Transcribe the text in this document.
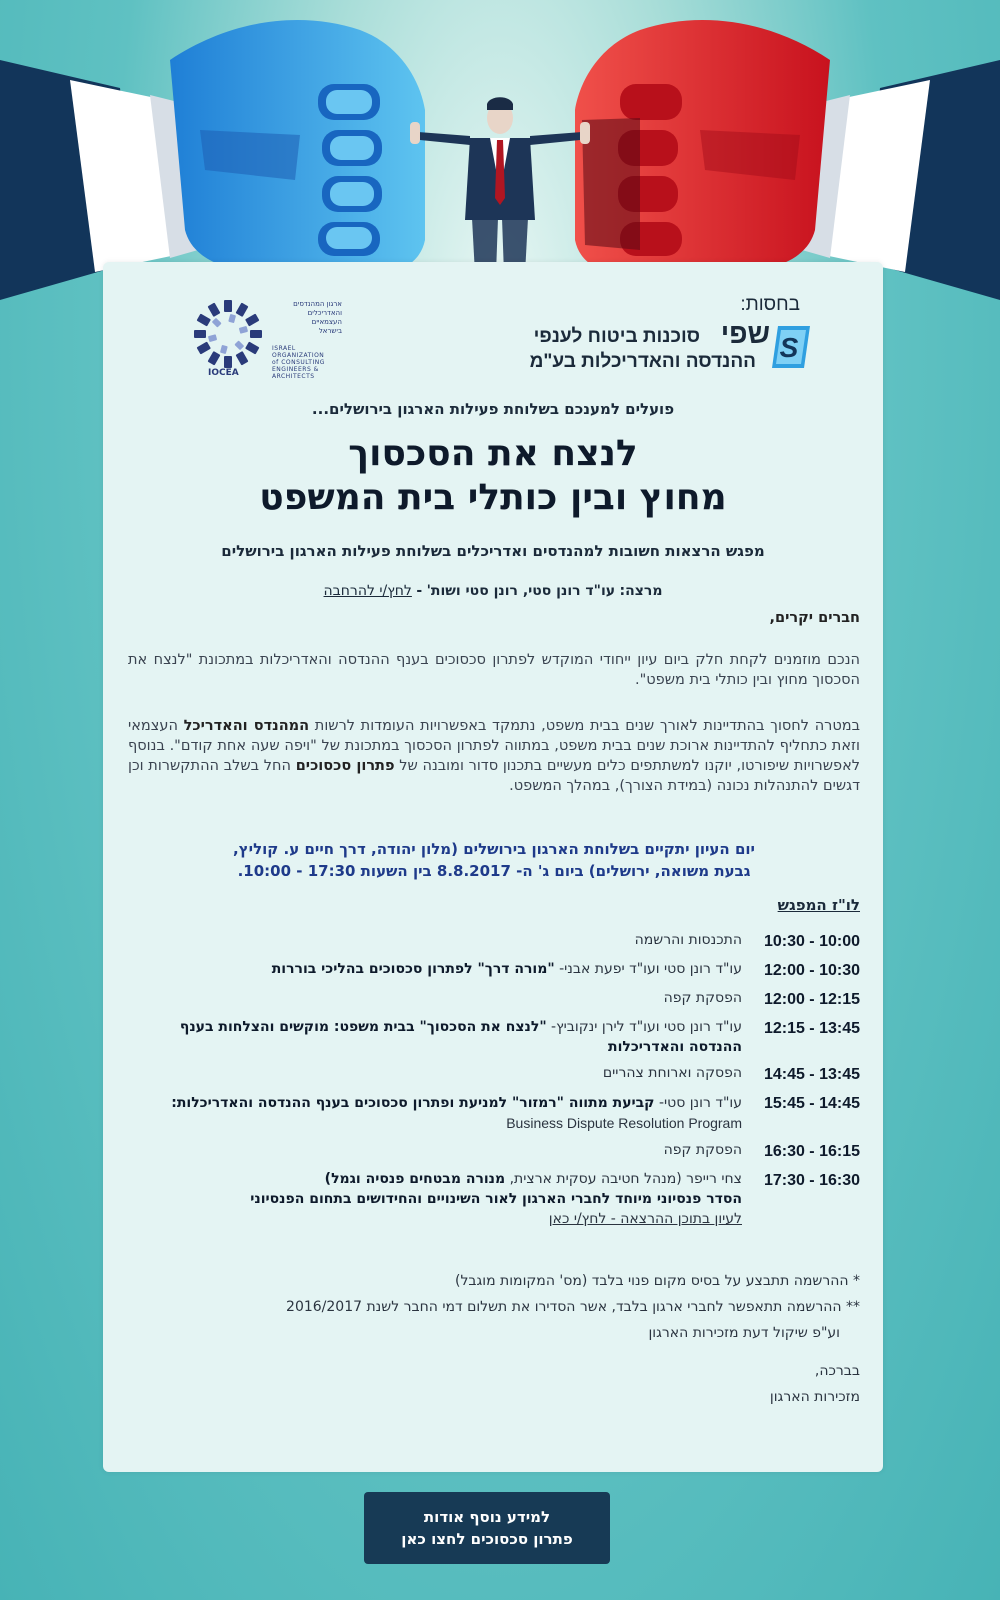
בחסות:
S
שפי
סוכנות ביטוח לענפי
ההנדסה והאדריכלות בע"מ
IOCEA
ארגון המהנדסים
והאדריכלים
העצמאיים
בישראל
ISRAEL
ORGANIZATION
of CONSULTING
ENGINEERS & ARCHITECTS
פועלים למענכם בשלוחת פעילות הארגון בירושלים...
לנצח את הסכסוך
מחוץ ובין כותלי בית המשפט
מפגש הרצאות חשובות למהנדסים ואדריכלים בשלוחת פעילות הארגון בירושלים
מרצה: עו"ד רונן סטי, רונן סטי ושות' - לחץ/י להרחבה
חברים יקרים,
הנכם מוזמנים לקחת חלק ביום עיון ייחודי המוקדש לפתרון סכסוכים בענף ההנדסה והאדריכלות במתכונת "לנצח את הסכסוך מחוץ ובין כותלי בית משפט".
במטרה לחסוך בהתדיינות לאורך שנים בבית משפט, נתמקד באפשרויות העומדות לרשות המהנדס והאדריכל העצמאי וזאת כתחליף להתדיינות ארוכת שנים בבית משפט, במתווה לפתרון הסכסוך במתכונת של "ויפה שעה אחת קודם". בנוסף לאפשרויות שיפורטו, יוקנו למשתתפים כלים מעשיים בתכנון סדור ומובנה של פתרון סכסוכים החל בשלב ההתקשרות וכן דגשים להתנהלות נכונה (במידת הצורך), במהלך המשפט.
יום העיון יתקיים בשלוחת הארגון בירושלים (מלון יהודה, דרך חיים ע. קוליץ,
גבעת משואה, ירושלים) ביום ג' ה- 8.8.2017 בין השעות 17:30 - 10:00.
לו"ז המפגש
10:00 - 10:30
התכנסות והרשמה
10:30 - 12:00
עו"ד רונן סטי ועו"ד יפעת אבני- "מורה דרך" לפתרון סכסוכים בהליכי בוררות
12:15 - 12:00
הפסקת קפה
13:45 - 12:15
עו"ד רונן סטי ועו"ד לירן ינקוביץ- "לנצח את הסכסוך" בבית משפט: מוקשים והצלחות בענף ההנדסה והאדריכלות
13:45 - 14:45
הפסקה וארוחת צהריים
14:45 - 15:45
עו"ד רונן סטי- קביעת מתווה "רמזור" למניעת ופתרון סכסוכים בענף ההנדסה והאדריכלות: Business Dispute Resolution Program
16:15 - 16:30
הפסקת קפה
16:30 - 17:30
צחי רייפר (מנהל חטיבה עסקית ארצית, מנורה מבטחים פנסיה וגמל)
הסדר פנסיוני מיוחד לחברי הארגון לאור השינויים והחידושים בתחום הפנסיוני
לעיון בתוכן ההרצאה - לחץ/י כאן
* ההרשמה תתבצע על בסיס מקום פנוי בלבד (מס' המקומות מוגבל)
** ההרשמה תתאפשר לחברי ארגון בלבד, אשר הסדירו את תשלום דמי החבר לשנת 2016/2017
וע"פ שיקול דעת מזכירות הארגון
בברכה,
מזכירות הארגון
למידע נוסף אודות
פתרון סכסוכים לחצו כאן
